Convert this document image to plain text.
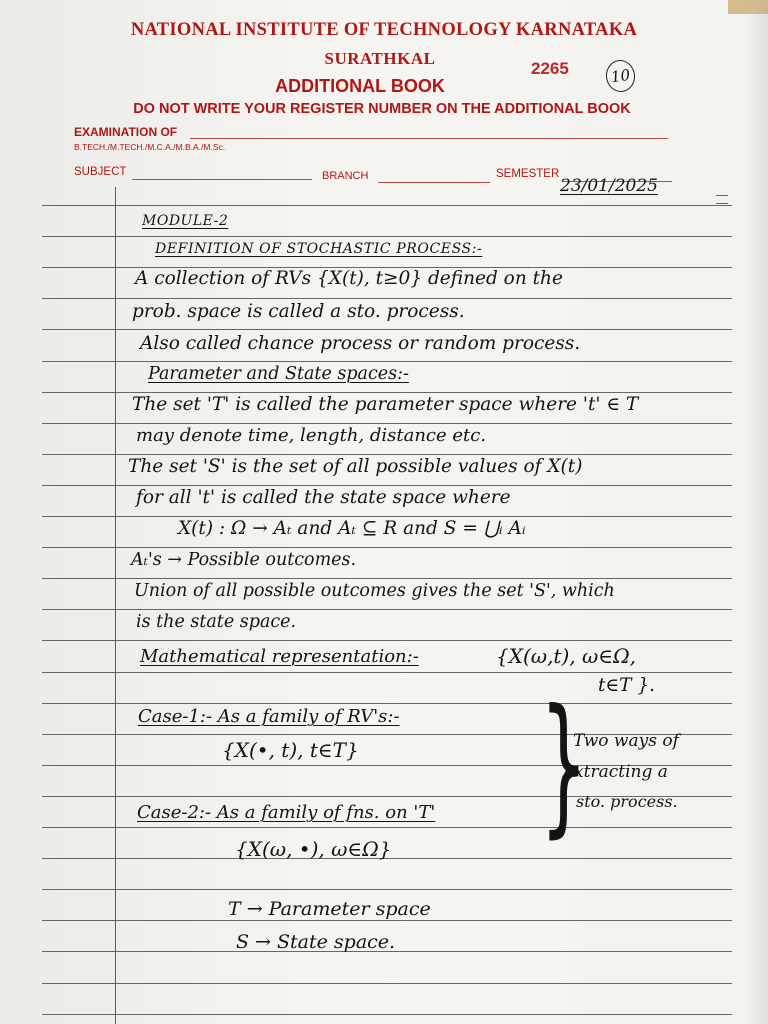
NATIONAL INSTITUTE OF TECHNOLOGY KARNATAKA
SURATHKAL
ADDITIONAL BOOK
DO NOT WRITE YOUR REGISTER NUMBER ON THE ADDITIONAL BOOK
2265	10
EXAMINATION OF
B.TECH./M.TECH./M.C.A./M.B.A./M.Sc.
SUBJECT	BRANCH	SEMESTER
23/01/2025
MODULE-2
DEFINITION OF STOCHASTIC PROCESS:-
A collection of RVs {X(t), t≥0} defined on the
prob. space is called a sto. process.
Also called chance process or random process.
Parameter and State spaces:-
The set 'T' is called the parameter space where 't' ∈ T
may denote time, length, distance etc.
The set 'S' is the set of all possible values of X(t)
for all 't' is called the state space where
X(t) : Ω → Aₜ and Aₜ ⊆ R and S = ⋃ᵢ Aᵢ
Aₜ's → Possible outcomes.
Union of all possible outcomes gives the set 'S', which
is the state space.
Mathematical representation:-	{X(ω,t), ω∈Ω,
t∈T }.
Case-1:- As a family of RV's:-
{X(•, t), t∈T} }
Two ways of
extracting a
sto. process.
Case-2:- As a family of fns. on 'T'
{X(ω, •), ω∈Ω}
T → Parameter space
S → State space.
